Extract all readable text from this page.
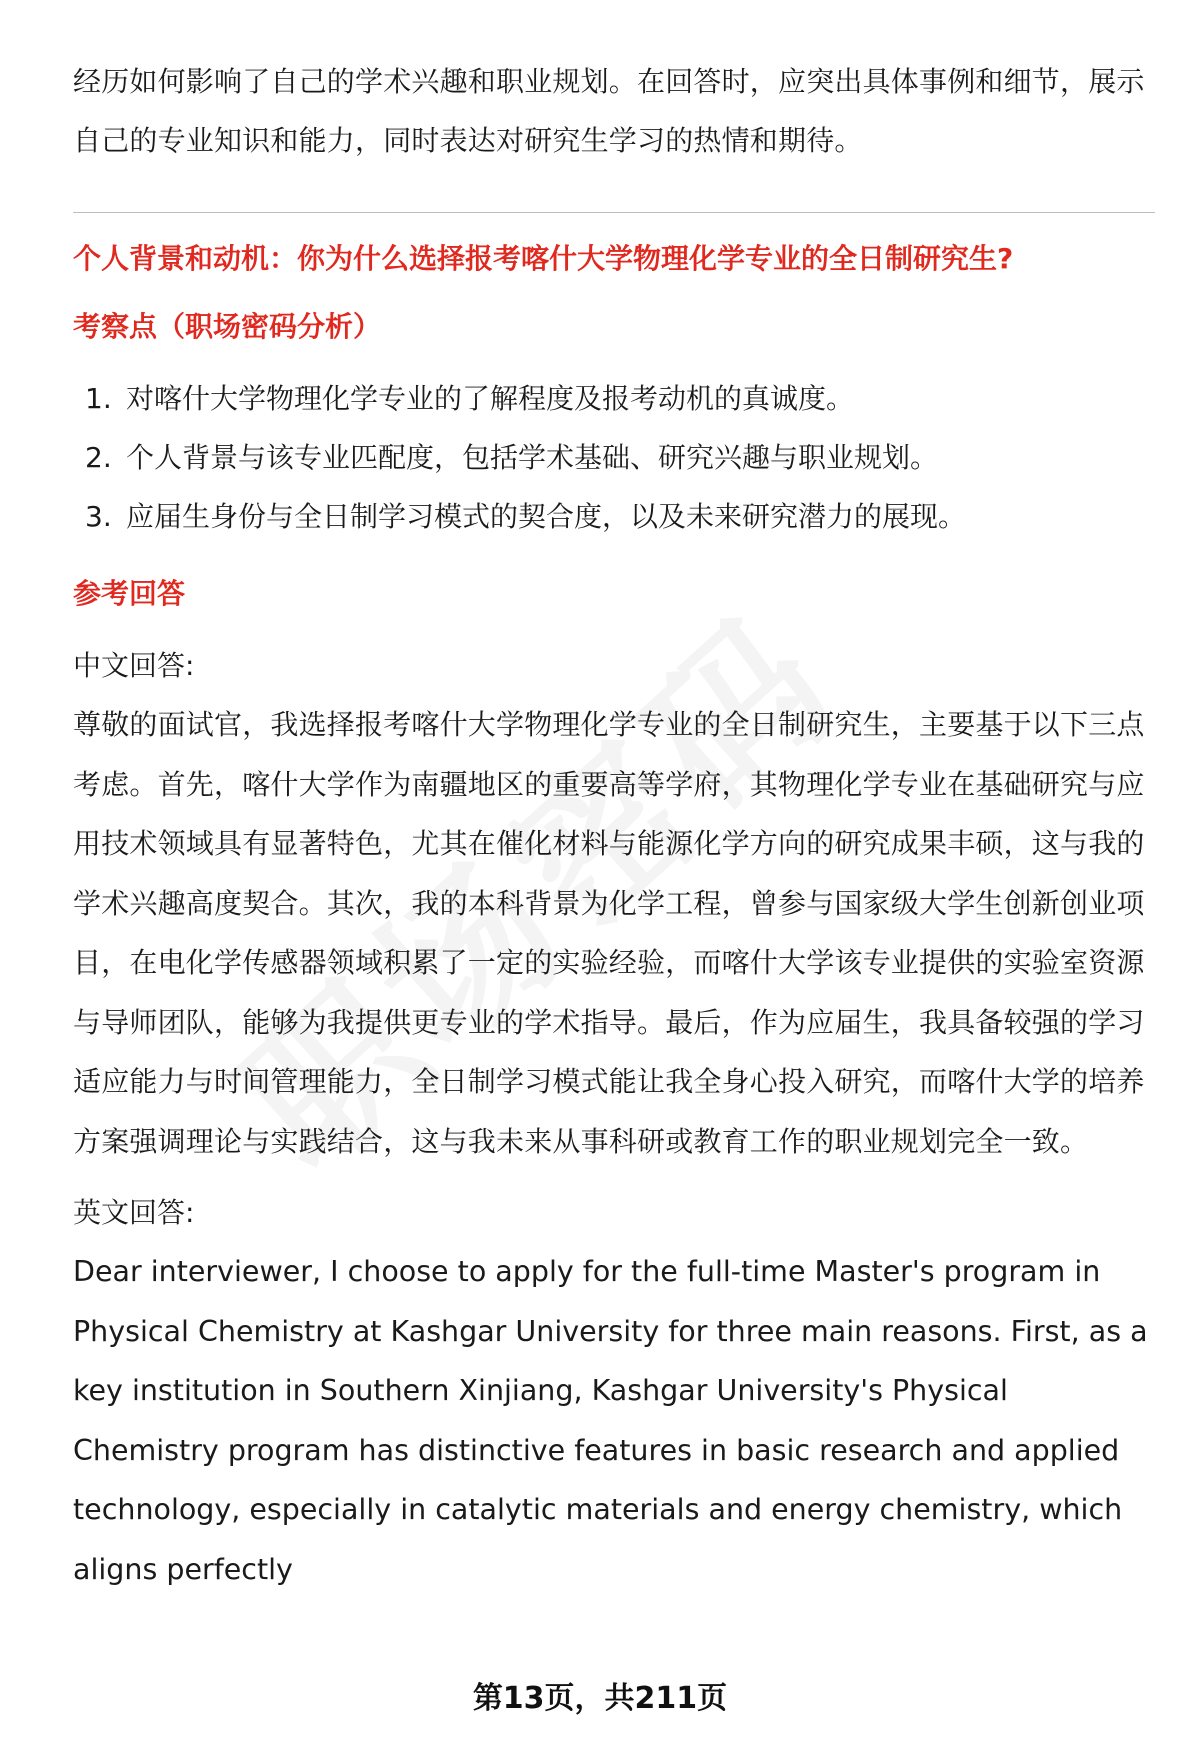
经历如何影响了自己的学术兴趣和职业规划。在回答时，应突出具体事例和细节，展示自己的专业知识和能力，同时表达对研究生学习的热情和期待。

个人背景和动机：你为什么选择报考喀什大学物理化学专业的全日制研究生?
考察点（职场密码分析）
1. 对喀什大学物理化学专业的了解程度及报考动机的真诚度。
2. 个人背景与该专业匹配度，包括学术基础、研究兴趣与职业规划。
3. 应届生身份与全日制学习模式的契合度，以及未来研究潜力的展现。
参考回答

中文回答:

尊敬的面试官，我选择报考喀什大学物理化学专业的全日制研究生，主要基于以下三点考虑。首先，喀什大学作为南疆地区的重要高等学府，其物理化学专业在基础研究与应用技术领域具有显著特色，尤其在催化材料与能源化学方向的研究成果丰硕，这与我的学术兴趣高度契合。其次，我的本科背景为化学工程，曾参与国家级大学生创新创业项目，在电化学传感器领域积累了一定的实验经验，而喀什大学该专业提供的实验室资源与导师团队，能够为我提供更专业的学术指导。最后，作为应届生，我具备较强的学习适应能力与时间管理能力，全日制学习模式能让我全身心投入研究，而喀什大学的培养方案强调理论与实践结合，这与我未来从事科研或教育工作的职业规划完全一致。

英文回答:

Dear interviewer, I choose to apply for the full-time Master's program in Physical Chemistry at Kashgar University for three main reasons. First, as a key institution in Southern Xinjiang, Kashgar University's Physical Chemistry program has distinctive features in basic research and applied technology, especially in catalytic materials and energy chemistry, which aligns perfectly

第13页，共211页
